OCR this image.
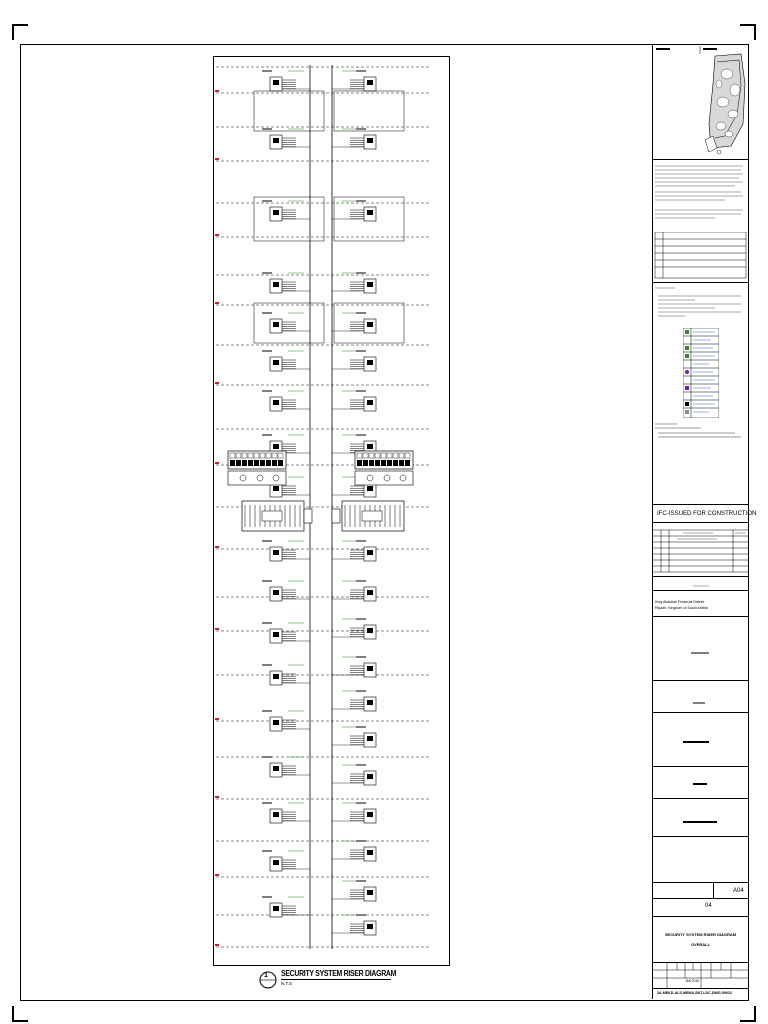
1 SECURITY SYSTEM RISER DIAGRAM
N.T.S
IFC-ISSUED FOR CONSTRUCTION
King Abdullah Financial District
Riyadh, Kingdom of Saudi Arabia
A04
04
SECURITY SYSTEM RISER DIAGRAM
OVERALL
JAN 2016
3A-MEKD-ALS-MEMA-SNT-LDC-DWG-59022
